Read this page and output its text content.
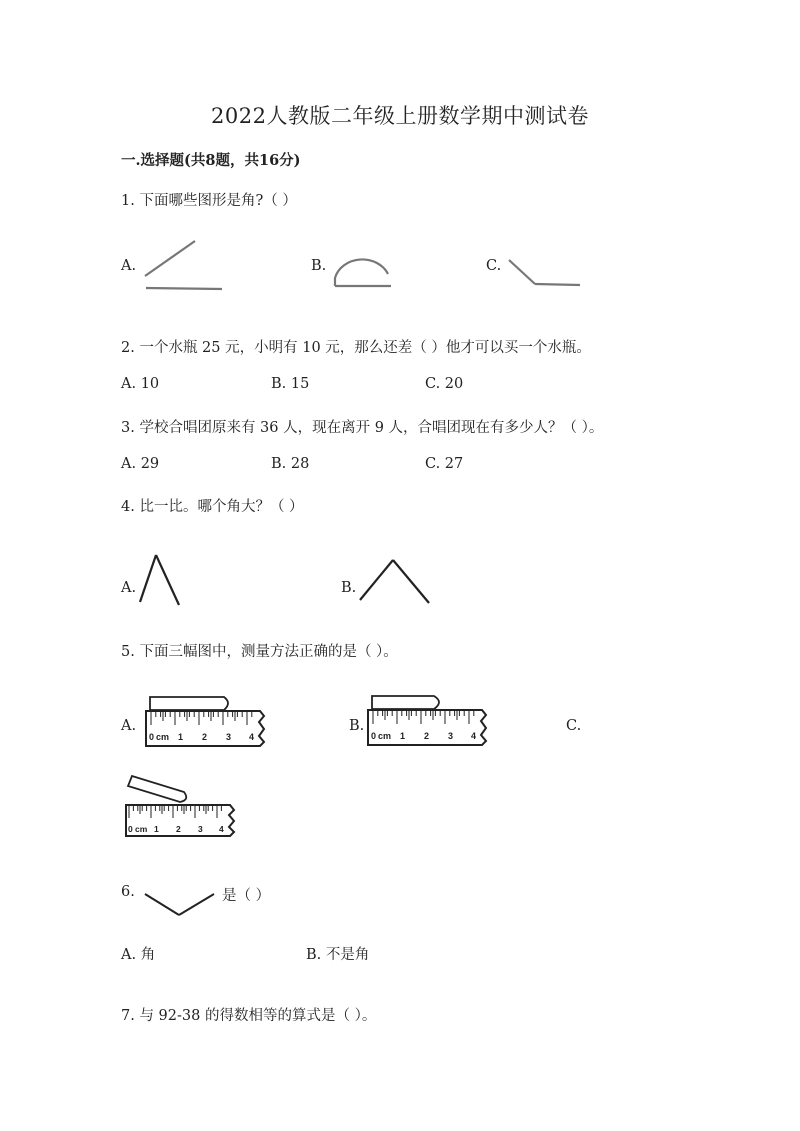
2022人教版二年级上册数学期中测试卷
一.选择题(共8题，共16分)
1. 下面哪些图形是角?（ ）
A.	B.	C.
2. 一个水瓶 25 元，小明有 10 元，那么还差（ ）他才可以买一个水瓶。
A. 10	B. 15	C. 20
3. 学校合唱团原来有 36 人，现在离开 9 人，合唱团现在有多少人？（ ）。
A. 29	B. 28	C. 27
4. 比一比。哪个角大？（ ）
A.	B.
5. 下面三幅图中，测量方法正确的是（ ）。
A.
0 cm 1 2 3 4
B.
0 cm 1 2 3 4
C.
0 cm 1 2 3 4
6.	是（ ）
A. 角	B. 不是角
7. 与 92-38 的得数相等的算式是（ ）。
